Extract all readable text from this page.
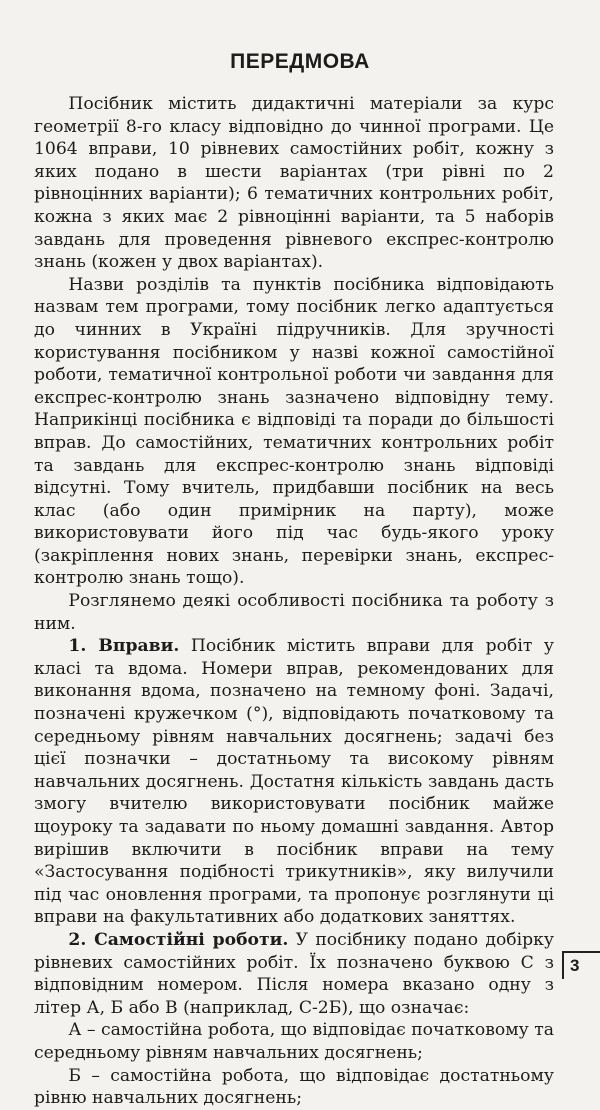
ПЕРЕДМОВА

Посібник містить дидактичні матеріали за курс геометрії 8-го класу відповідно до чинної програми. Це 1064 вправи, 10 рівневих самостійних робіт, кожну з яких подано в шести варіантах (три рівні по 2 рівноцінних варіанти); 6 тематичних контрольних робіт, кожна з яких має 2 рівноцінні варіанти, та 5 наборів завдань для проведення рівневого експрес-контролю знань (кожен у двох варіантах).

Назви розділів та пунктів посібника відповідають назвам тем програми, тому посібник легко адаптується до чинних в Україні підручників. Для зручності користування посібником у назві кожної самостійної роботи, тематичної контрольної роботи чи завдання для експрес-контролю знань зазначено відповідну тему. Наприкінці посібника є відповіді та поради до більшості вправ. До самостійних, тематичних контрольних робіт та завдань для експрес-контролю знань відповіді відсутні. Тому вчитель, придбавши посібник на весь клас (або один примірник на парту), може використовувати його під час будь-якого уроку (закріплення нових знань, перевірки знань, експрес-контролю знань тощо).

Розглянемо деякі особливості посібника та роботу з ним.

1. Вправи. Посібник містить вправи для робіт у класі та вдома. Номери вправ, рекомендованих для виконання вдома, позначено на темному фоні. Задачі, позначені кружечком (°), відповідають початковому та середньому рівням навчальних досягнень; задачі без цієї позначки – достатньому та високому рівням навчальних досягнень. Достатня кількість завдань дасть змогу вчителю використовувати посібник майже щоуроку та задавати по ньому домашні завдання. Автор вирішив включити в посібник вправи на тему «Застосування подібності трикутників», яку вилучили під час оновлення програми, та пропонує розглянути ці вправи на факультативних або додаткових заняттях.

2. Самостійні роботи. У посібнику подано добірку рівневих самостійних робіт. Їх позначено буквою С з відповідним номером. Після номера вказано одну з літер А, Б або В (наприклад, С-2Б), що означає:

А – самостійна робота, що відповідає початковому та середньому рівням навчальних досягнень;

Б – самостійна робота, що відповідає достатньому рівню навчальних досягнень;

3
